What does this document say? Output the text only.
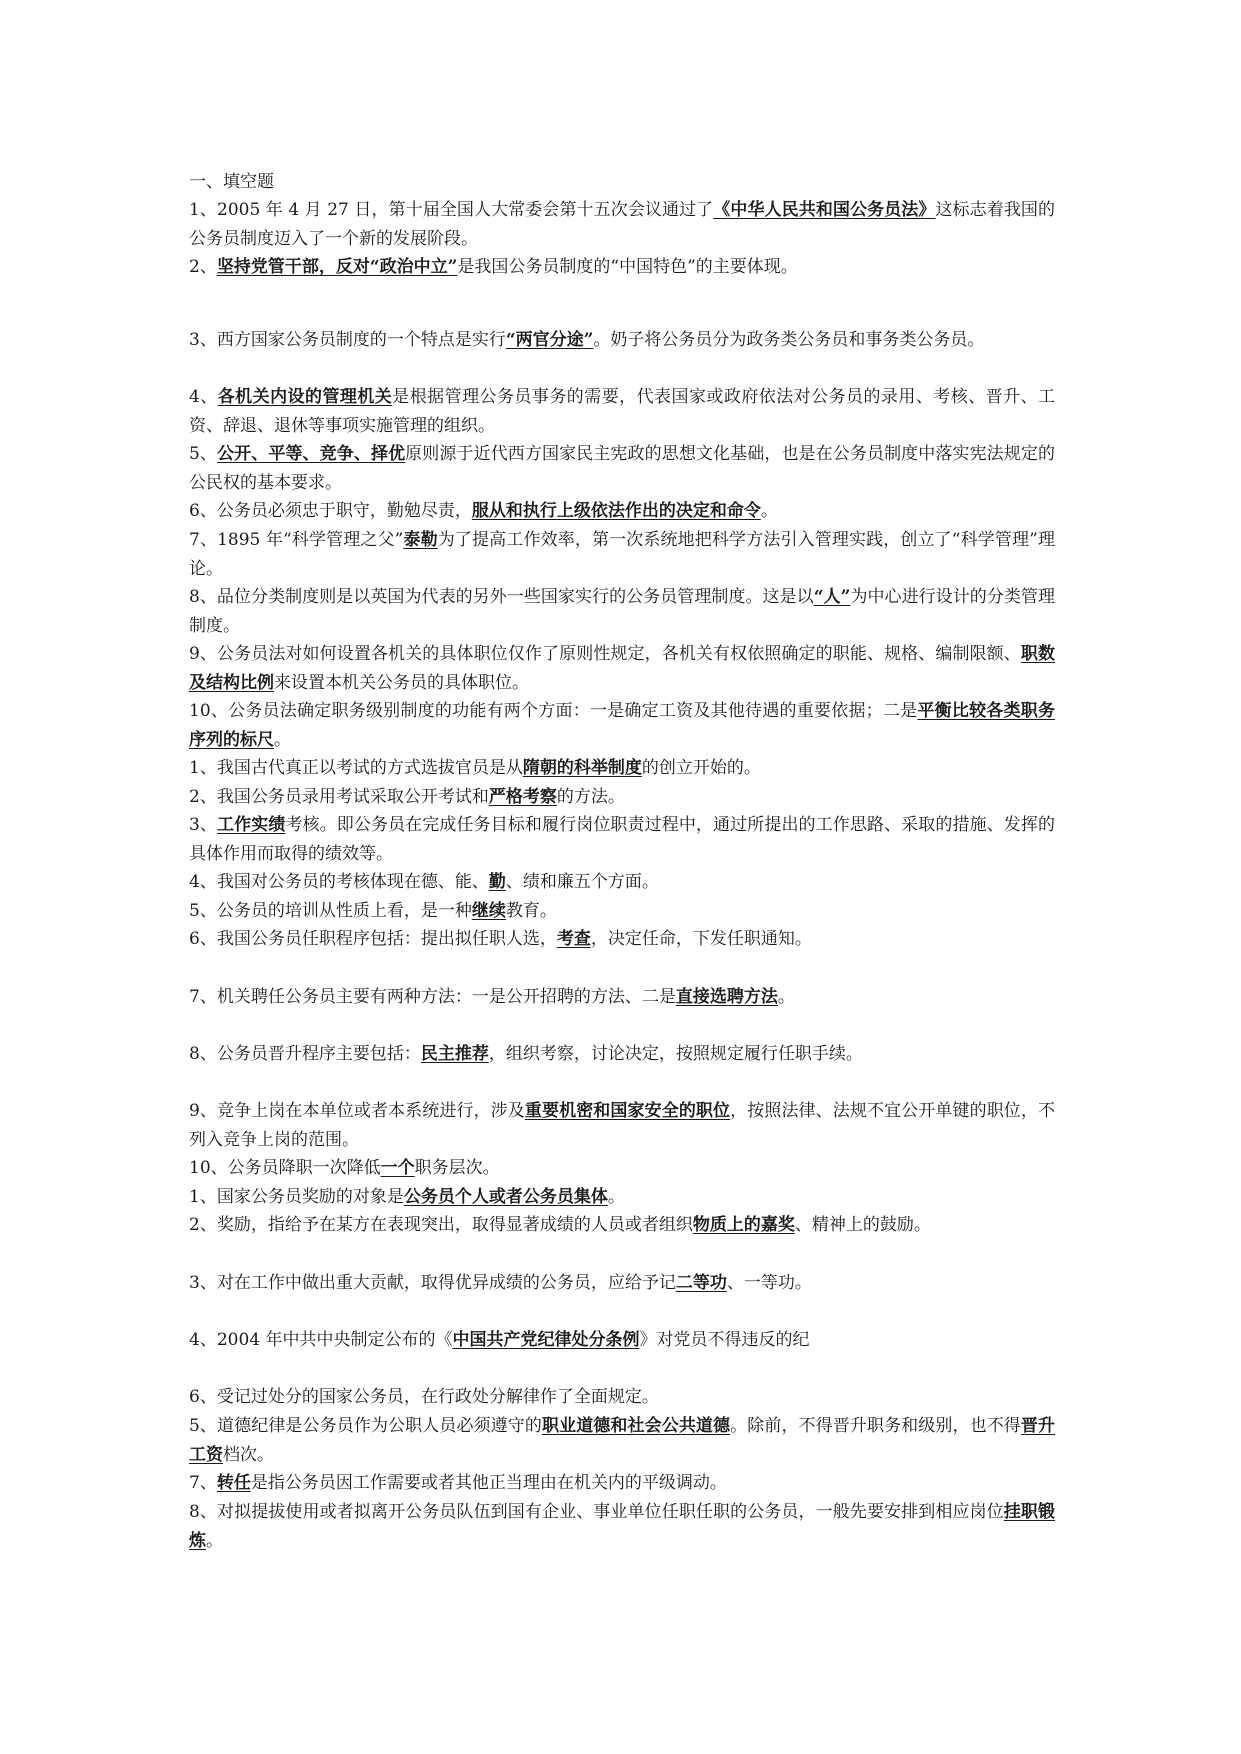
一、填空题

1、2005 年 4 月 27 日，第十届全国人大常委会第十五次会议通过了《中华人民共和国公务员法》这标志着我国的公务员制度迈入了一个新的发展阶段。

2、坚持党管干部，反对“政治中立”是我国公务员制度的“中国特色”的主要体现。

3、西方国家公务员制度的一个特点是实行“两官分途”。奶子将公务员分为政务类公务员和事务类公务员。

4、各机关内设的管理机关是根据管理公务员事务的需要，代表国家或政府依法对公务员的录用、考核、晋升、工资、辞退、退休等事项实施管理的组织。

5、公开、平等、竞争、择优原则源于近代西方国家民主宪政的思想文化基础，也是在公务员制度中落实宪法规定的公民权的基本要求。

6、公务员必须忠于职守，勤勉尽责，服从和执行上级依法作出的决定和命令。

7、1895 年“科学管理之父”泰勒为了提高工作效率，第一次系统地把科学方法引入管理实践，创立了“科学管理”理论。

8、品位分类制度则是以英国为代表的另外一些国家实行的公务员管理制度。这是以“人”为中心进行设计的分类管理制度。

9、公务员法对如何设置各机关的具体职位仅作了原则性规定，各机关有权依照确定的职能、规格、编制限额、职数及结构比例来设置本机关公务员的具体职位。

10、公务员法确定职务级别制度的功能有两个方面：一是确定工资及其他待遇的重要依据；二是平衡比较各类职务序列的标尺。

1、我国古代真正以考试的方式选拔官员是从隋朝的科举制度的创立开始的。

2、我国公务员录用考试采取公开考试和严格考察的方法。

3、工作实绩考核。即公务员在完成任务目标和履行岗位职责过程中，通过所提出的工作思路、采取的措施、发挥的具体作用而取得的绩效等。

4、我国对公务员的考核体现在德、能、勤、绩和廉五个方面。

5、公务员的培训从性质上看，是一种继续教育。

6、我国公务员任职程序包括：提出拟任职人选，考查，决定任命，下发任职通知。

7、机关聘任公务员主要有两种方法：一是公开招聘的方法、二是直接选聘方法。

8、公务员晋升程序主要包括：民主推荐，组织考察，讨论决定，按照规定履行任职手续。

9、竞争上岗在本单位或者本系统进行，涉及重要机密和国家安全的职位，按照法律、法规不宜公开单键的职位，不列入竞争上岗的范围。

10、公务员降职一次降低一个职务层次。

1、国家公务员奖励的对象是公务员个人或者公务员集体。

2、奖励，指给予在某方在表现突出，取得显著成绩的人员或者组织物质上的嘉奖、精神上的鼓励。

3、对在工作中做出重大贡献，取得优异成绩的公务员，应给予记二等功、一等功。

4、2004 年中共中央制定公布的《中国共产党纪律处分条例》对党员不得违反的纪

6、受记过处分的国家公务员，在行政处分解律作了全面规定。

5、道德纪律是公务员作为公职人员必须遵守的职业道德和社会公共道德。除前，不得晋升职务和级别，也不得晋升工资档次。

7、转任是指公务员因工作需要或者其他正当理由在机关内的平级调动。

8、对拟提拔使用或者拟离开公务员队伍到国有企业、事业单位任职任职的公务员，一般先要安排到相应岗位挂职锻炼。
